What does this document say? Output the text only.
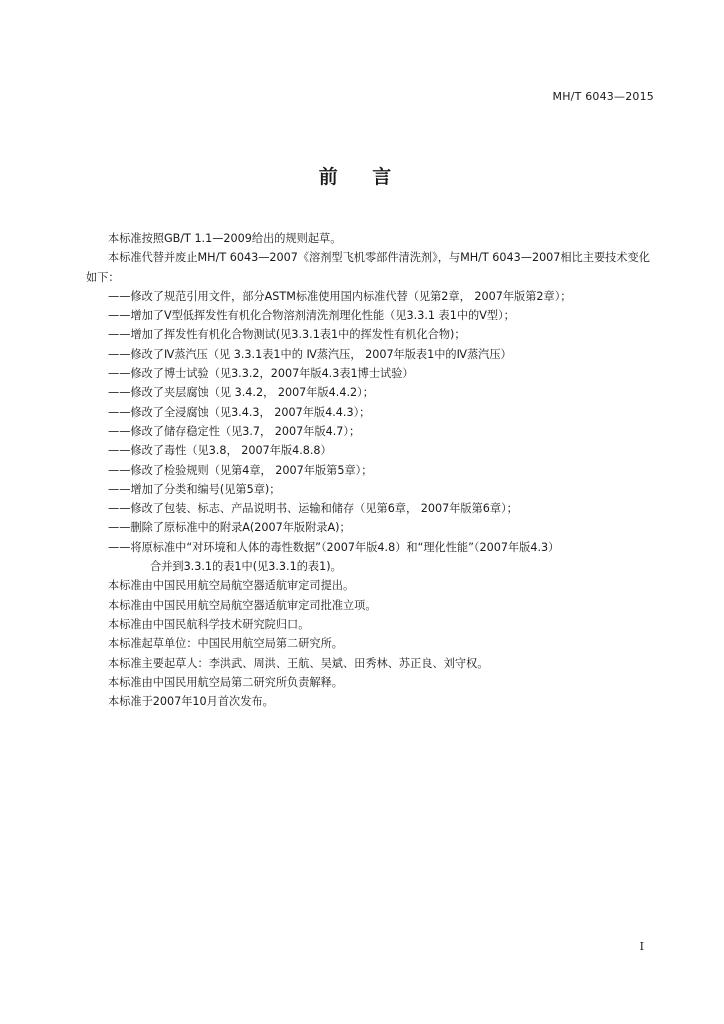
MH/T 6043—2015
前 言

本标准按照GB/T 1.1—2009给出的规则起草。

本标准代替并废止MH/T 6043—2007《溶剂型飞机零部件清洗剂》，与MH/T 6043—2007相比主要技术变化如下：

——修改了规范引用文件，部分ASTM标准使用国内标准代替（见第2章， 2007年版第2章）；

——增加了Ⅴ型低挥发性有机化合物溶剂清洗剂理化性能（见3.3.1 表1中的Ⅴ型）；

——增加了挥发性有机化合物测试(见3.3.1表1中的挥发性有机化合物)；

——修改了Ⅳ蒸汽压（见 3.3.1表1中的 Ⅳ蒸汽压， 2007年版表1中的Ⅳ蒸汽压）

——修改了博士试验（见3.3.2，2007年版4.3表1博士试验）

——修改了夹层腐蚀（见 3.4.2， 2007年版4.4.2）；

——修改了全浸腐蚀（见3.4.3， 2007年版4.4.3）；

——修改了储存稳定性（见3.7， 2007年版4.7）；

——修改了毒性（见3.8， 2007年版4.8.8）

——修改了检验规则（见第4章， 2007年版第5章）；

——增加了分类和编号(见第5章)；

——修改了包装、标志、产品说明书、运输和储存（见第6章， 2007年版第6章）；

——删除了原标准中的附录A(2007年版附录A)；

——将原标准中“对环境和人体的毒性数据”（2007年版4.8）和“理化性能”（2007年版4.3）

合并到3.3.1的表1中(见3.3.1的表1)。

本标准由中国民用航空局航空器适航审定司提出。

本标准由中国民用航空局航空器适航审定司批准立项。

本标准由中国民航科学技术研究院归口。

本标准起草单位：中国民用航空局第二研究所。

本标准主要起草人：李洪武、周洪、王航、吴斌、田秀林、苏正良、刘守权。

本标准由中国民用航空局第二研究所负责解释。

本标准于2007年10月首次发布。

I
